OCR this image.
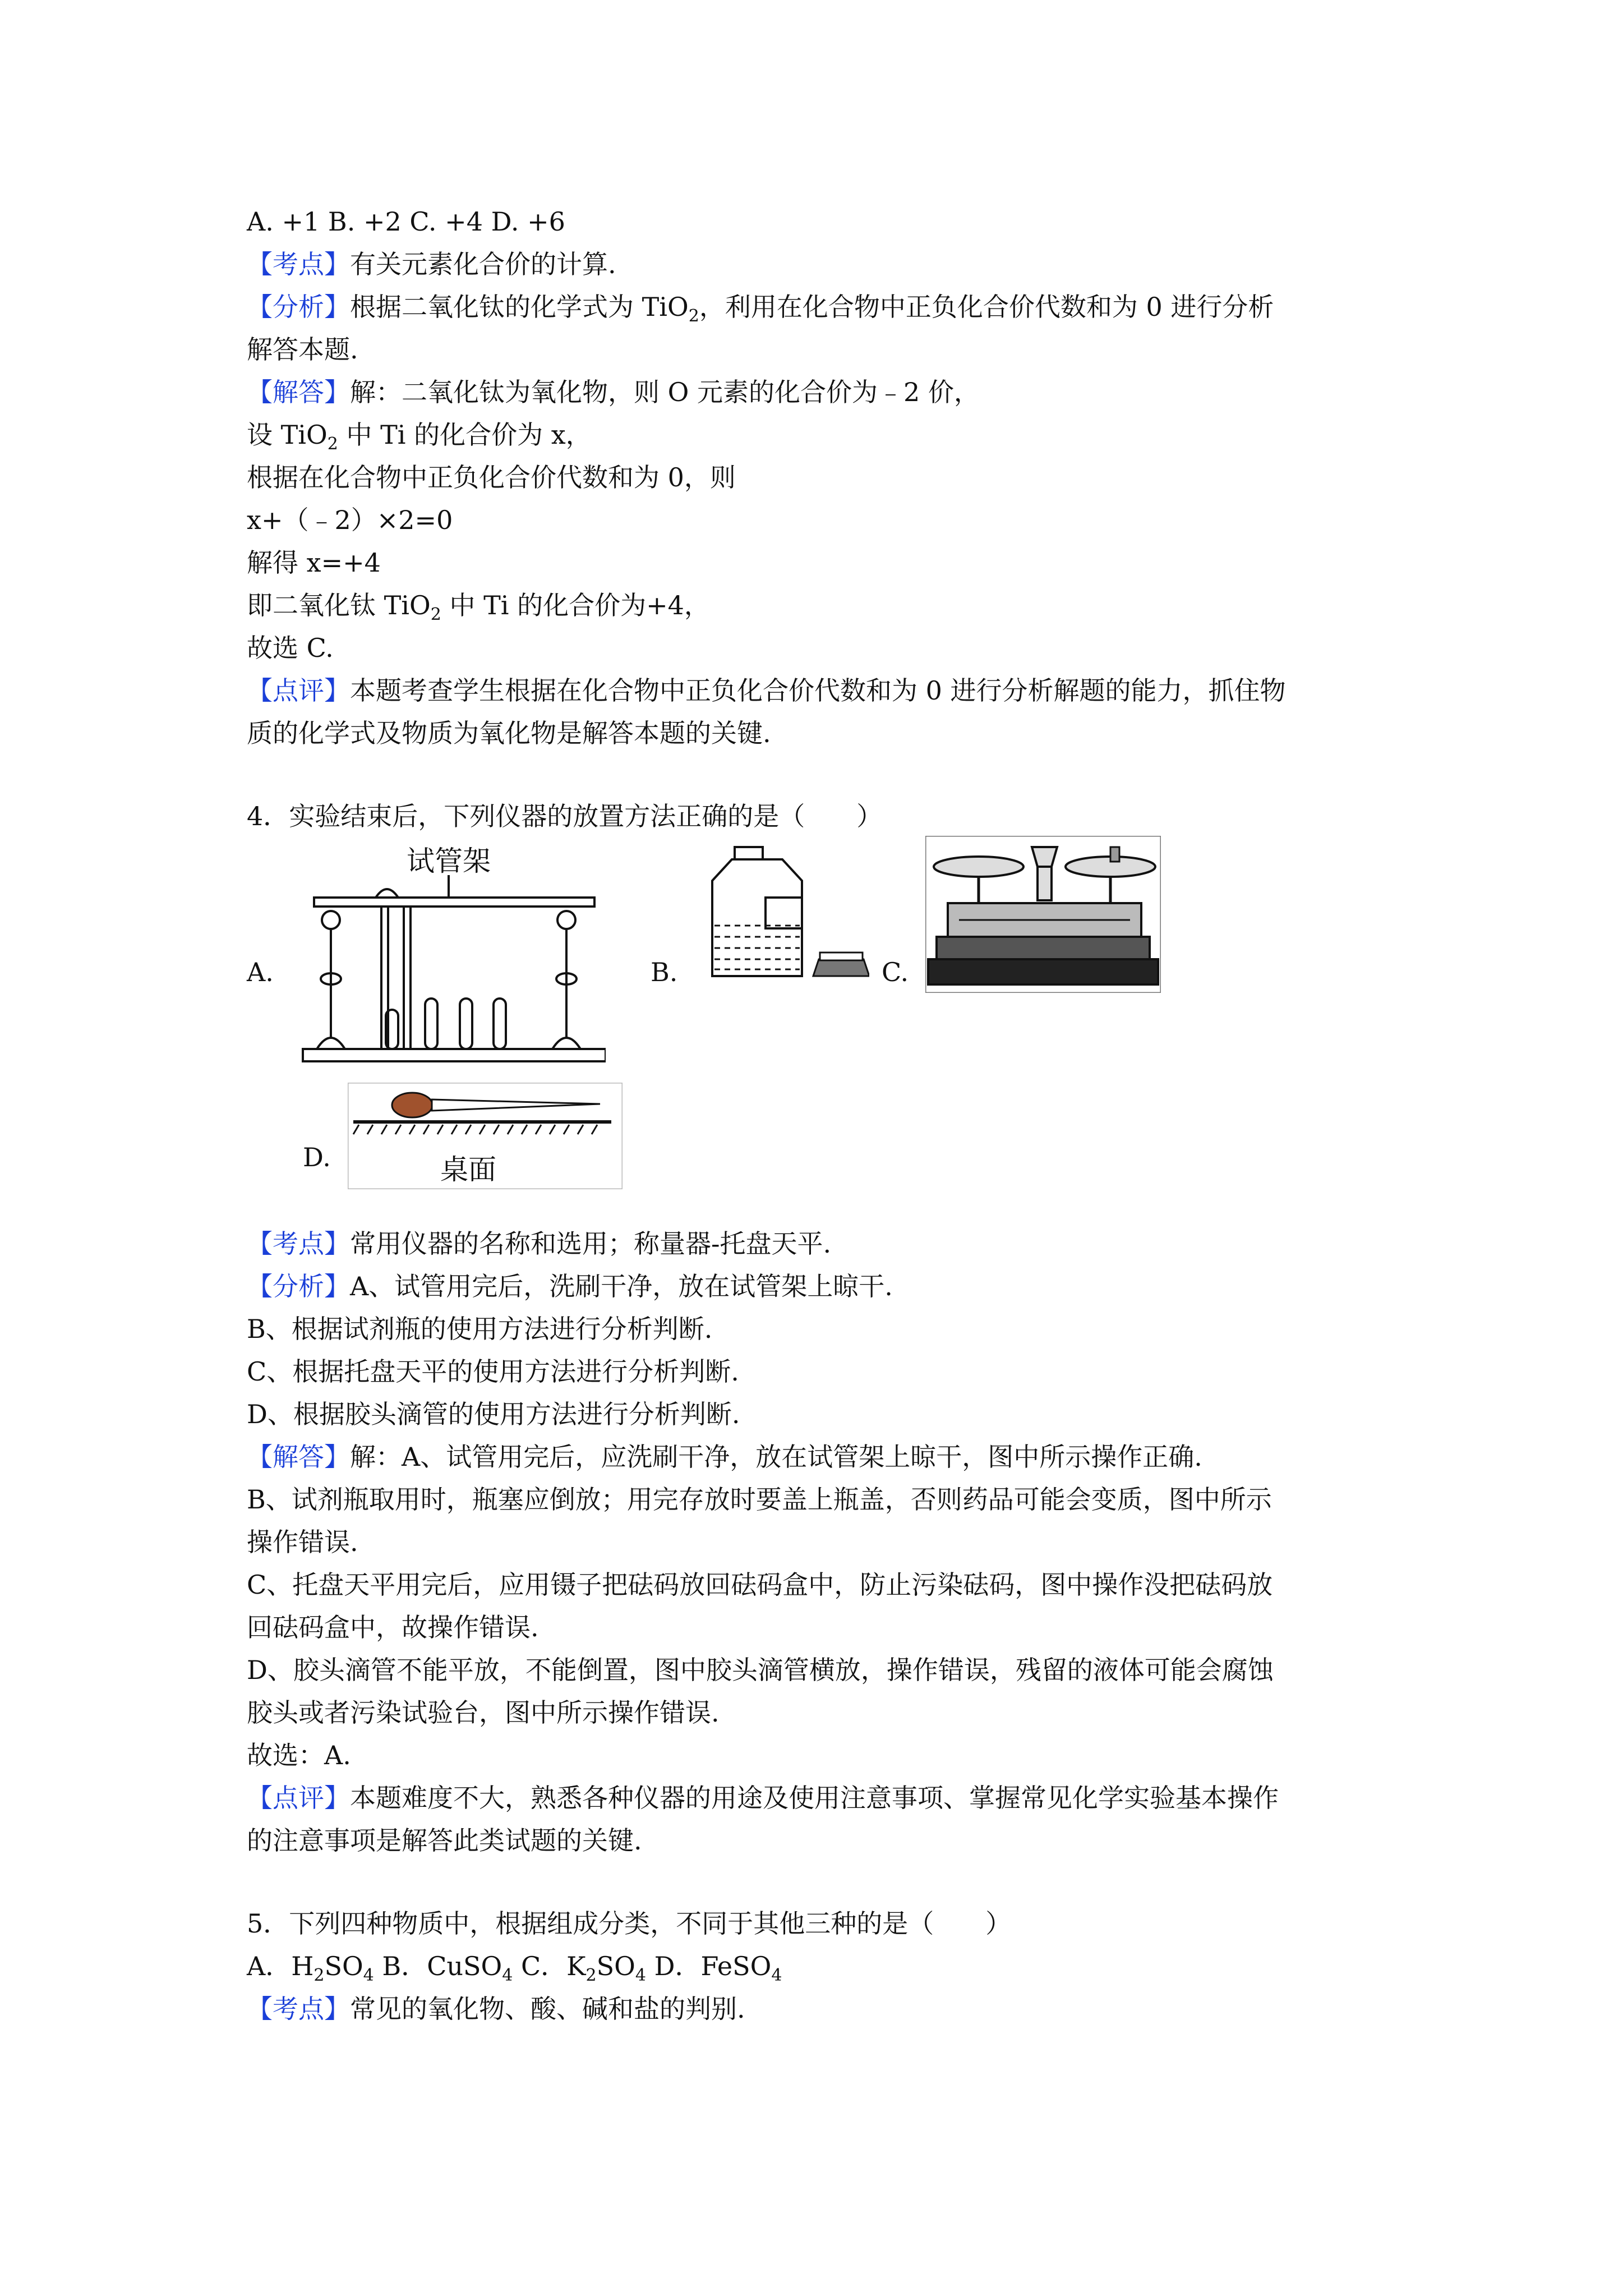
A. +1 B. +2 C. +4 D. +6
【考点】有关元素化合价的计算.
【分析】根据二氧化钛的化学式为 TiO$_2$，利用在化合物中正负化合价代数和为 0 进行分析
解答本题.
【解答】解：二氧化钛为氧化物，则 O 元素的化合价为﹣2 价，
设 TiO$_2$ 中 Ti 的化合价为 x，
根据在化合物中正负化合价代数和为 0，则
x+（﹣2）×2=0
解得 x=+4
即二氧化钛 TiO$_2$ 中 Ti 的化合价为+4，
故选 C.
【点评】本题考查学生根据在化合物中正负化合价代数和为 0 进行分析解题的能力，抓住物
质的化学式及物质为氧化物是解答本题的关键.
4．实验结束后，下列仪器的放置方法正确的是（　　）
A.
试管架
B.	C.
D.	桌面
【考点】常用仪器的名称和选用；称量器-托盘天平.
【分析】A、试管用完后，洗刷干净，放在试管架上晾干.
B、根据试剂瓶的使用方法进行分析判断.
C、根据托盘天平的使用方法进行分析判断.
D、根据胶头滴管的使用方法进行分析判断.
【解答】解：A、试管用完后，应洗刷干净，放在试管架上晾干，图中所示操作正确.
B、试剂瓶取用时，瓶塞应倒放；用完存放时要盖上瓶盖，否则药品可能会变质，图中所示
操作错误.
C、托盘天平用完后，应用镊子把砝码放回砝码盒中，防止污染砝码，图中操作没把砝码放
回砝码盒中，故操作错误.
D、胶头滴管不能平放，不能倒置，图中胶头滴管横放，操作错误，残留的液体可能会腐蚀
胶头或者污染试验台，图中所示操作错误.
故选：A.
【点评】本题难度不大，熟悉各种仪器的用途及使用注意事项、掌握常见化学实验基本操作
的注意事项是解答此类试题的关键.
5．下列四种物质中，根据组成分类，不同于其他三种的是（　　）
A．$H_2SO_4$ B．CuSO$_4$ C．$K_2SO_4$ D．FeSO$_4$
【考点】常见的氧化物、酸、碱和盐的判别.
